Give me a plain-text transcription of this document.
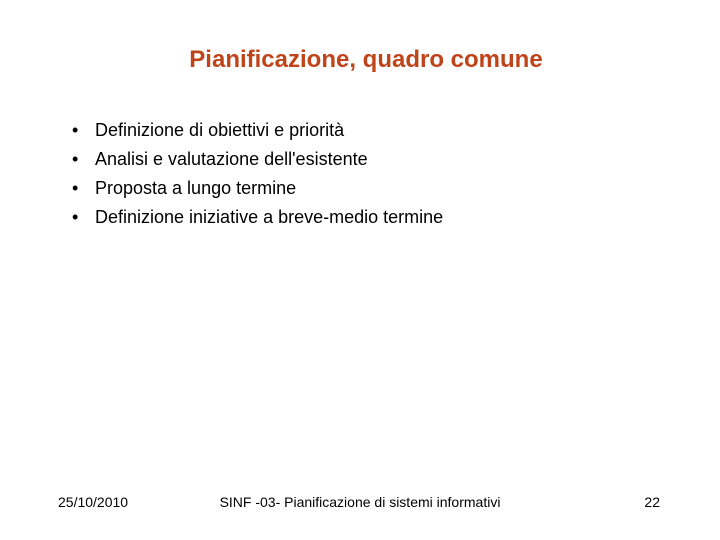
Pianificazione, quadro comune
• Definizione di obiettivi e priorità
• Analisi e valutazione dell'esistente
• Proposta a lungo termine
• Definizione iniziative a breve-medio termine
25/10/2010	SINF -03- Pianificazione di sistemi informativi	22
